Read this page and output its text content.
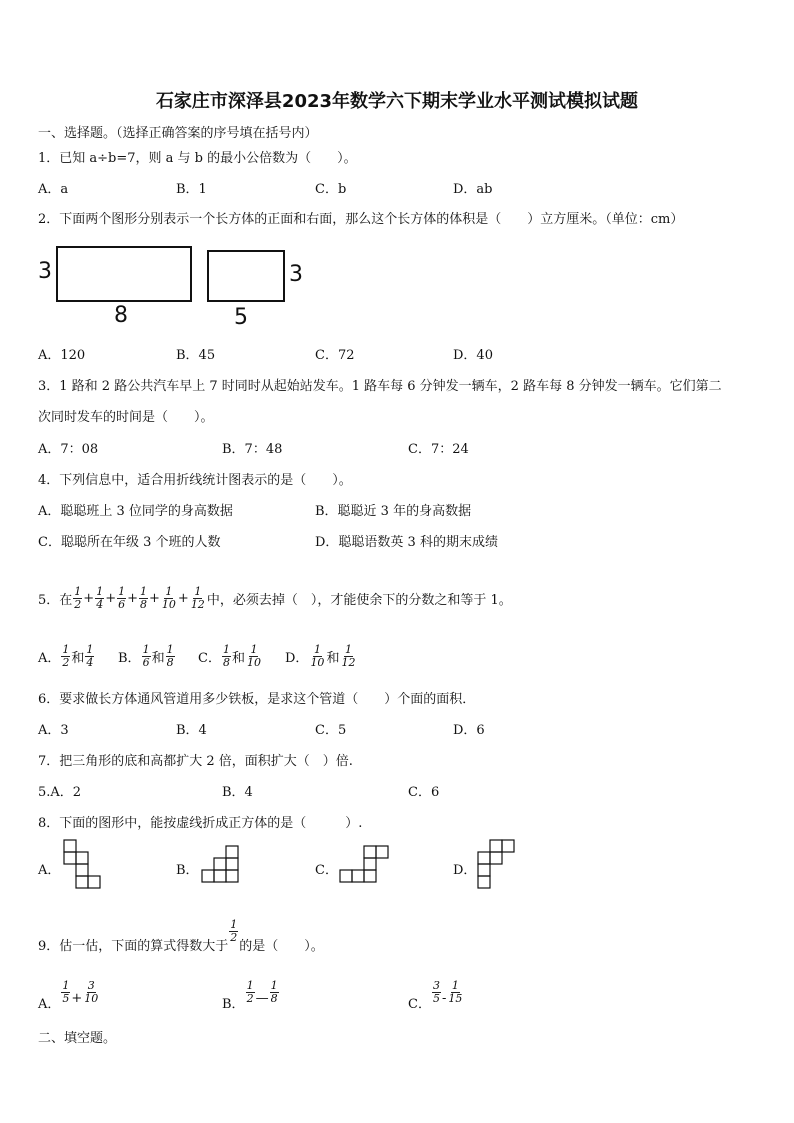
石家庄市深泽县2023年数学六下期末学业水平测试模拟试题
一、选择题。（选择正确答案的序号填在括号内）
1．已知 a÷b=7，则 a 与 b 的最小公倍数为（　　）。
A．a	B．1	C．b	D．ab
2．下面两个图形分别表示一个长方体的正面和右面，那么这个长方体的体积是（　　）立方厘米。（单位：cm）
3
8	5
3
A．120	B．45	C．72	D．40
3．1 路和 2 路公共汽车早上 7 时同时从起始站发车。1 路车每 6 分钟发一辆车，2 路车每 8 分钟发一辆车。它们第二
次同时发车的时间是（　　）。
A．7：08	B．7：48	C．7：24
4．下列信息中，适合用折线统计图表示的是（　　）。
A．聪聪班上 3 位同学的身高数据	B．聪聪近 3 年的身高数据
C．聪聪所在年级 3 个班的人数	D．聪聪语数英 3 科的期末成绩
5．在 $\frac{1}{2} + \frac{1}{4} + \frac{1}{6} + \frac{1}{8} + \frac{1}{10} + \frac{1}{12}$ 中，必须去掉（　），才能使余下的分数之和等于 1。
A． $\frac{1}{2}$ 和 $\frac{1}{4}$ B． $\frac{1}{6}$ 和 $\frac{1}{8}$ C． $\frac{1}{8}$ 和 $\frac{1}{10}$ D． $\frac{1}{10}$ 和 $\frac{1}{12}$
6．要求做长方体通风管道用多少铁板，是求这个管道（　　）个面的面积．
A．3	B．4	C．5	D．6
7．把三角形的底和高都扩大 2 倍，面积扩大（　）倍.
5.A．2	B．4	C．6
8．下面的图形中，能按虚线折成正方体的是（　　　）.
A．	B．	C．	D．
9．估一估，下面的算式得数大于
$\frac{1}{2}$
的是（　　）。
A． $\frac{1}{5} + \frac{3}{10}$	B． $\frac{1}{2}$ — $\frac{1}{8}$	C． $\frac{3}{5} - \frac{1}{15}$
二、填空题。
